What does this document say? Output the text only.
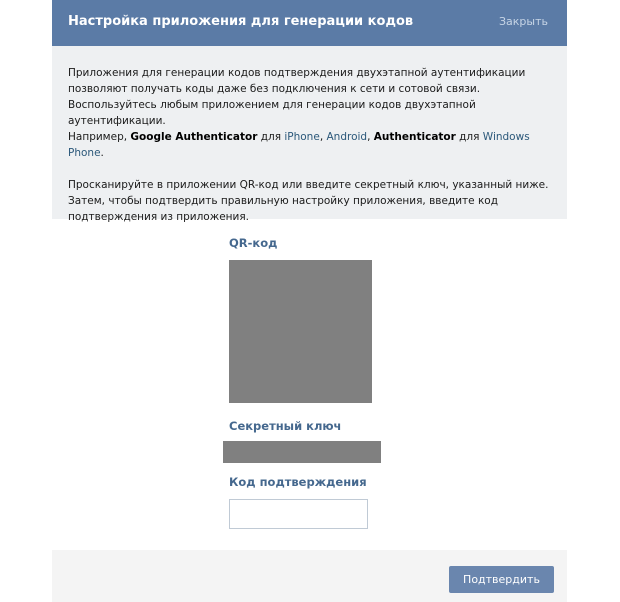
Настройка приложения для генерации кодов	Закрыть

Приложения для генерации кодов подтверждения двухэтапной аутентификации позволяют получать коды даже без подключения к сети и сотовой связи.
Воспользуйтесь любым приложением для генерации кодов двухэтапной аутентификации.
Например, Google Authenticator для iPhone, Android, Authenticator для Windows Phone.

Просканируйте в приложении QR-код или введите секретный ключ, указанный ниже. Затем, чтобы подтвердить правильную настройку приложения, введите код подтверждения из приложения.

QR-код
Секретный ключ
Код подтверждения
Подтвердить
